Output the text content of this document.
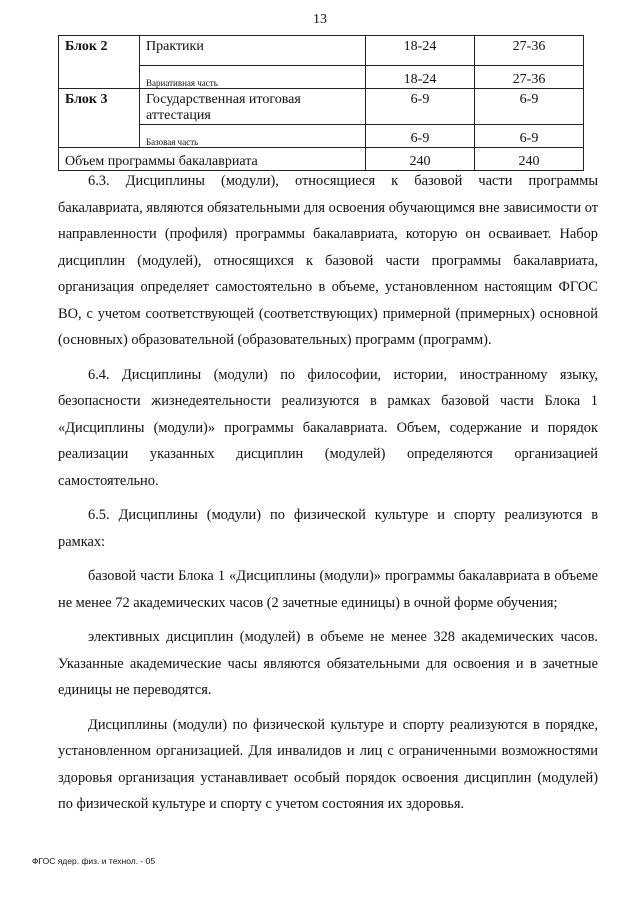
13
Блок 2	Практики	18-24	27-36
	Вариативная часть	18-24	27-36
Блок 3	Государственная итоговая аттестация	6-9	6-9
	Базовая часть	6-9	6-9
Объем программы бакалавриата		240	240

6.3. Дисциплины (модули), относящиеся к базовой части программы бакалавриата, являются обязательными для освоения обучающимся вне зависимости от направленности (профиля) программы бакалавриата, которую он осваивает. Набор дисциплин (модулей), относящихся к базовой части программы бакалавриата, организация определяет самостоятельно в объеме, установленном настоящим ФГОС ВО, с учетом соответствующей (соответствующих) примерной (примерных) основной (основных) образовательной (образовательных) программ (программ).

6.4. Дисциплины (модули) по философии, истории, иностранному языку, безопасности жизнедеятельности реализуются в рамках базовой части Блока 1 «Дисциплины (модули)» программы бакалавриата. Объем, содержание и порядок реализации указанных дисциплин (модулей) определяются организацией самостоятельно.

6.5. Дисциплины (модули) по физической культуре и спорту реализуются в рамках:

базовой части Блока 1 «Дисциплины (модули)» программы бакалавриата в объеме не менее 72 академических часов (2 зачетные единицы) в очной форме обучения;

элективных дисциплин (модулей) в объеме не менее 328 академических часов. Указанные академические часы являются обязательными для освоения и в зачетные единицы не переводятся.

Дисциплины (модули) по физической культуре и спорту реализуются в порядке, установленном организацией. Для инвалидов и лиц с ограниченными возможностями здоровья организация устанавливает особый порядок освоения дисциплин (модулей) по физической культуре и спорту с учетом состояния их здоровья.

ФГОС ядер. физ. и технол. - 05
